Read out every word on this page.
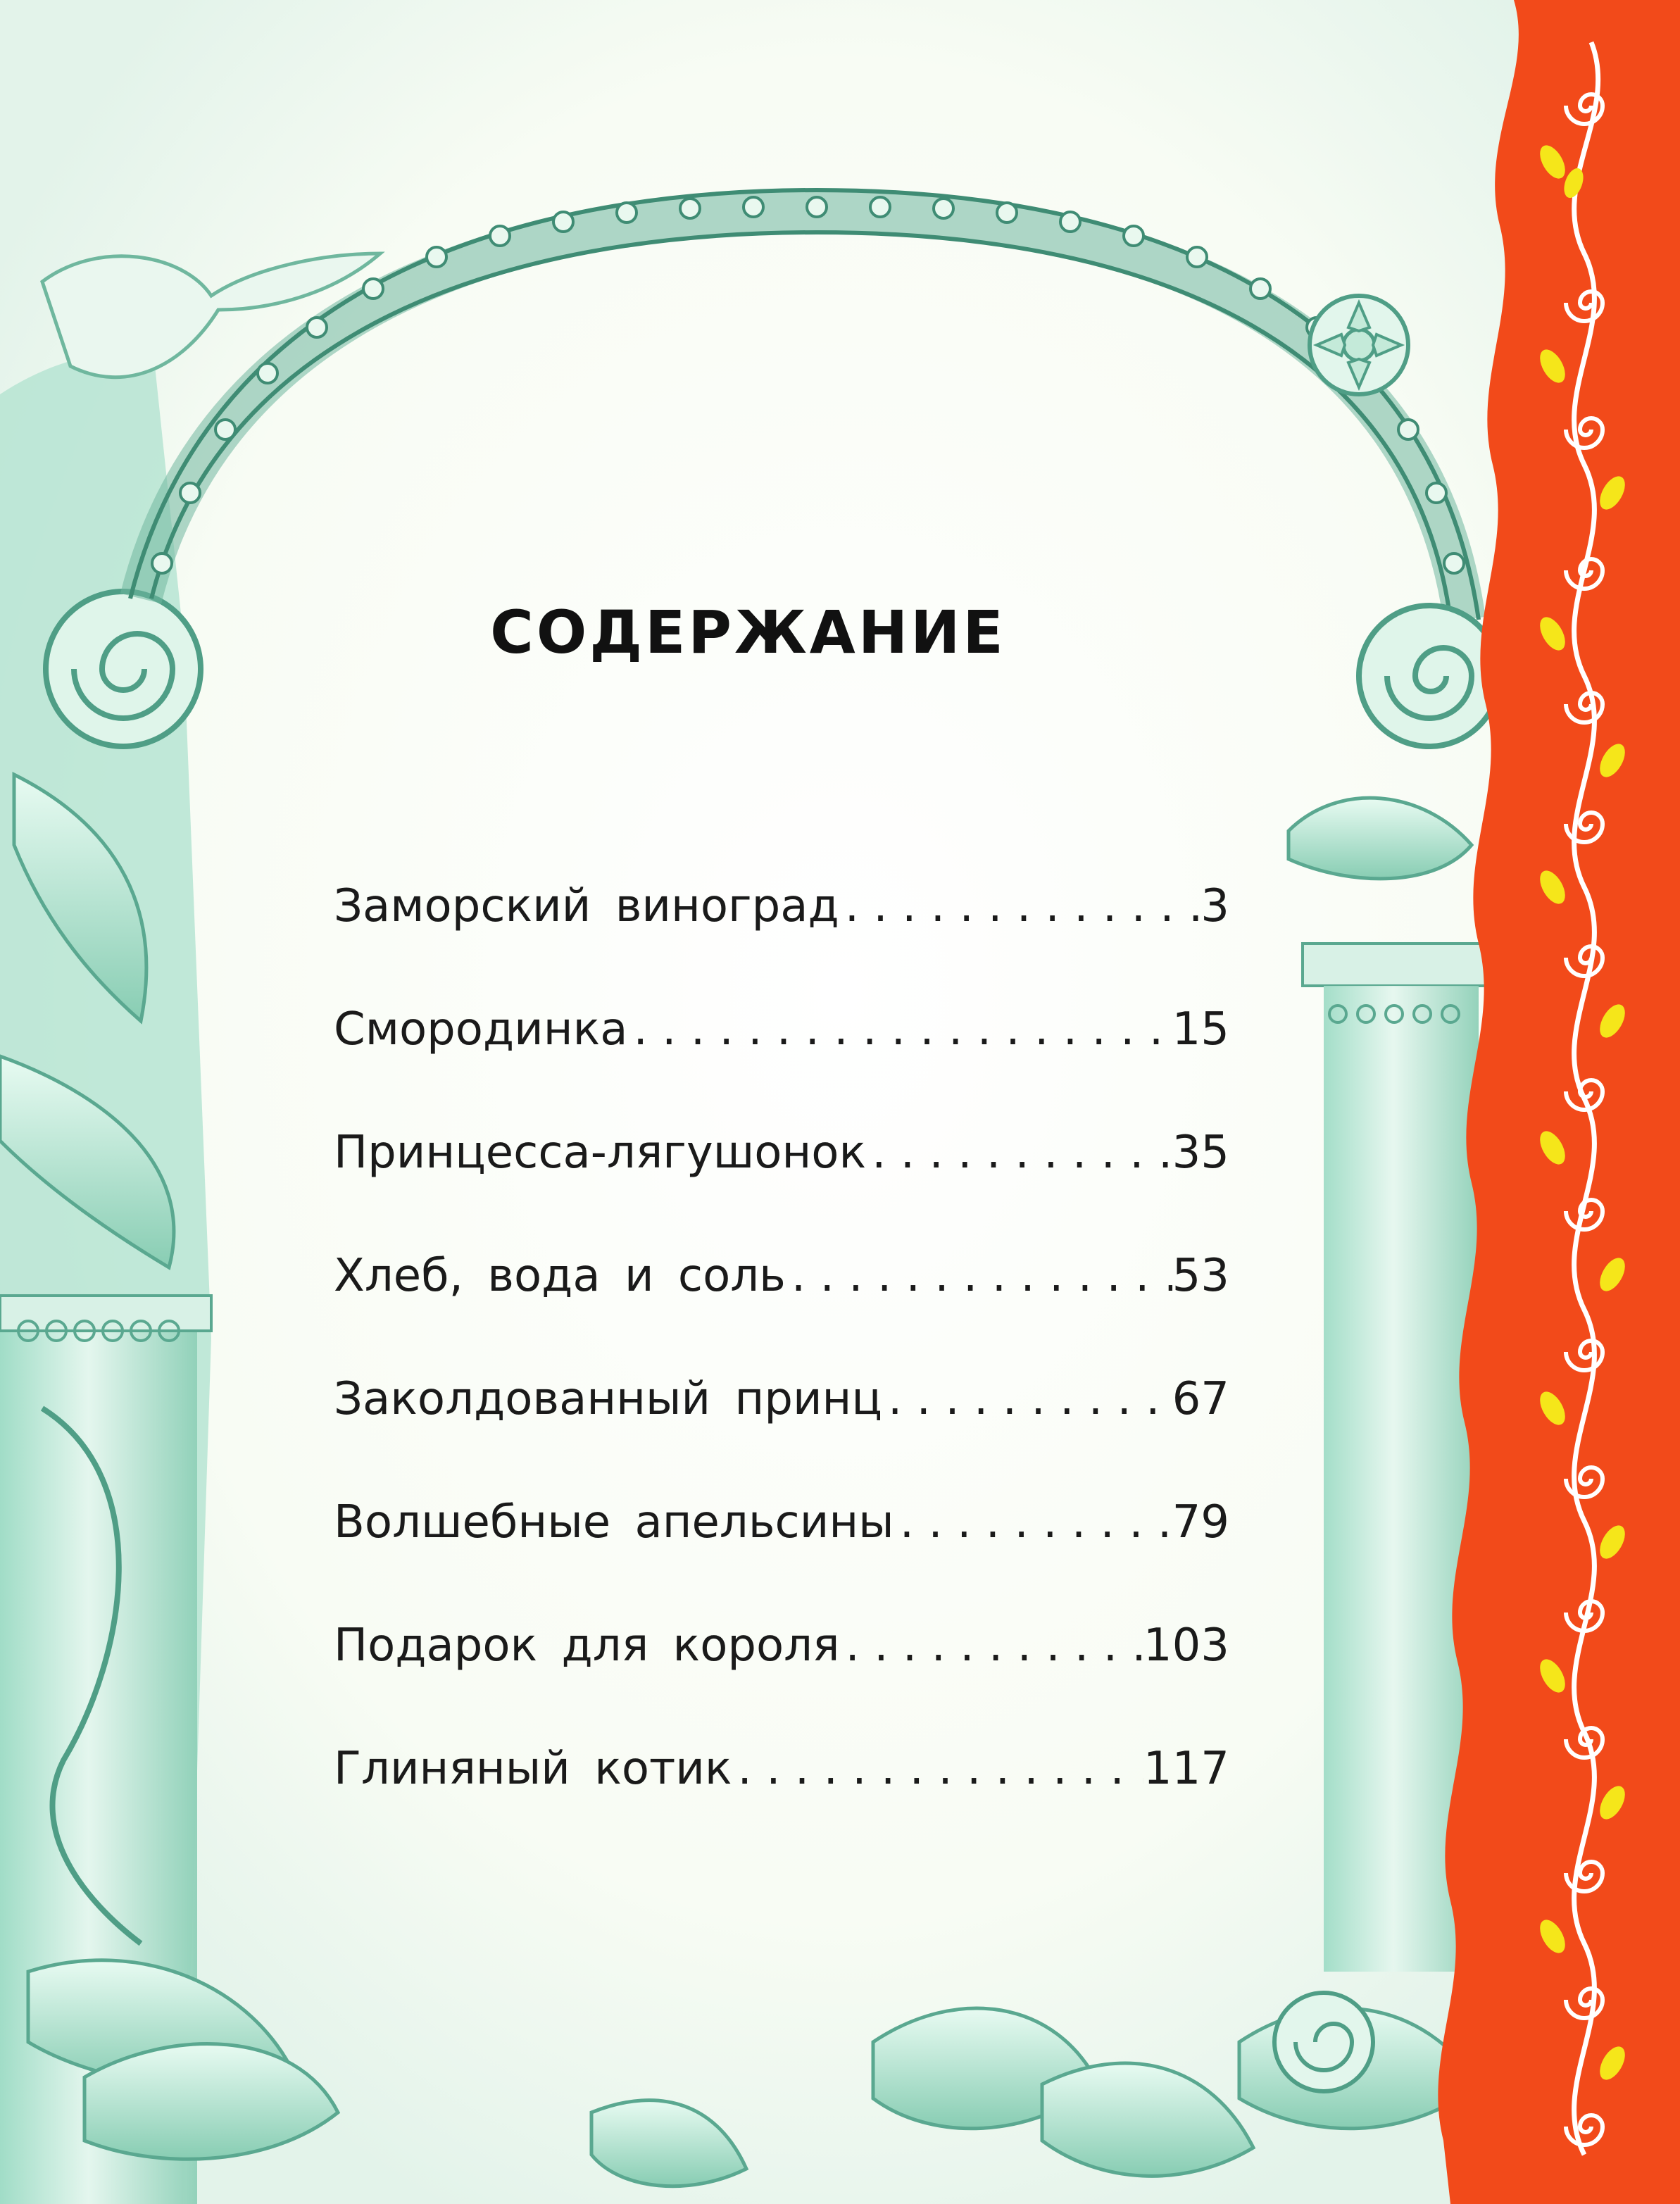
СОДЕРЖАНИЕ
Заморский виноград . . .	3
Смородинка . . .	15
Принцесса-лягушонок . . .	35
Хлеб, вода и соль . . .	53
Заколдованный принц . . .	67
Волшебные апельсины . . .	79
Подарок для короля . . .	103
Глиняный котик . . .	117
